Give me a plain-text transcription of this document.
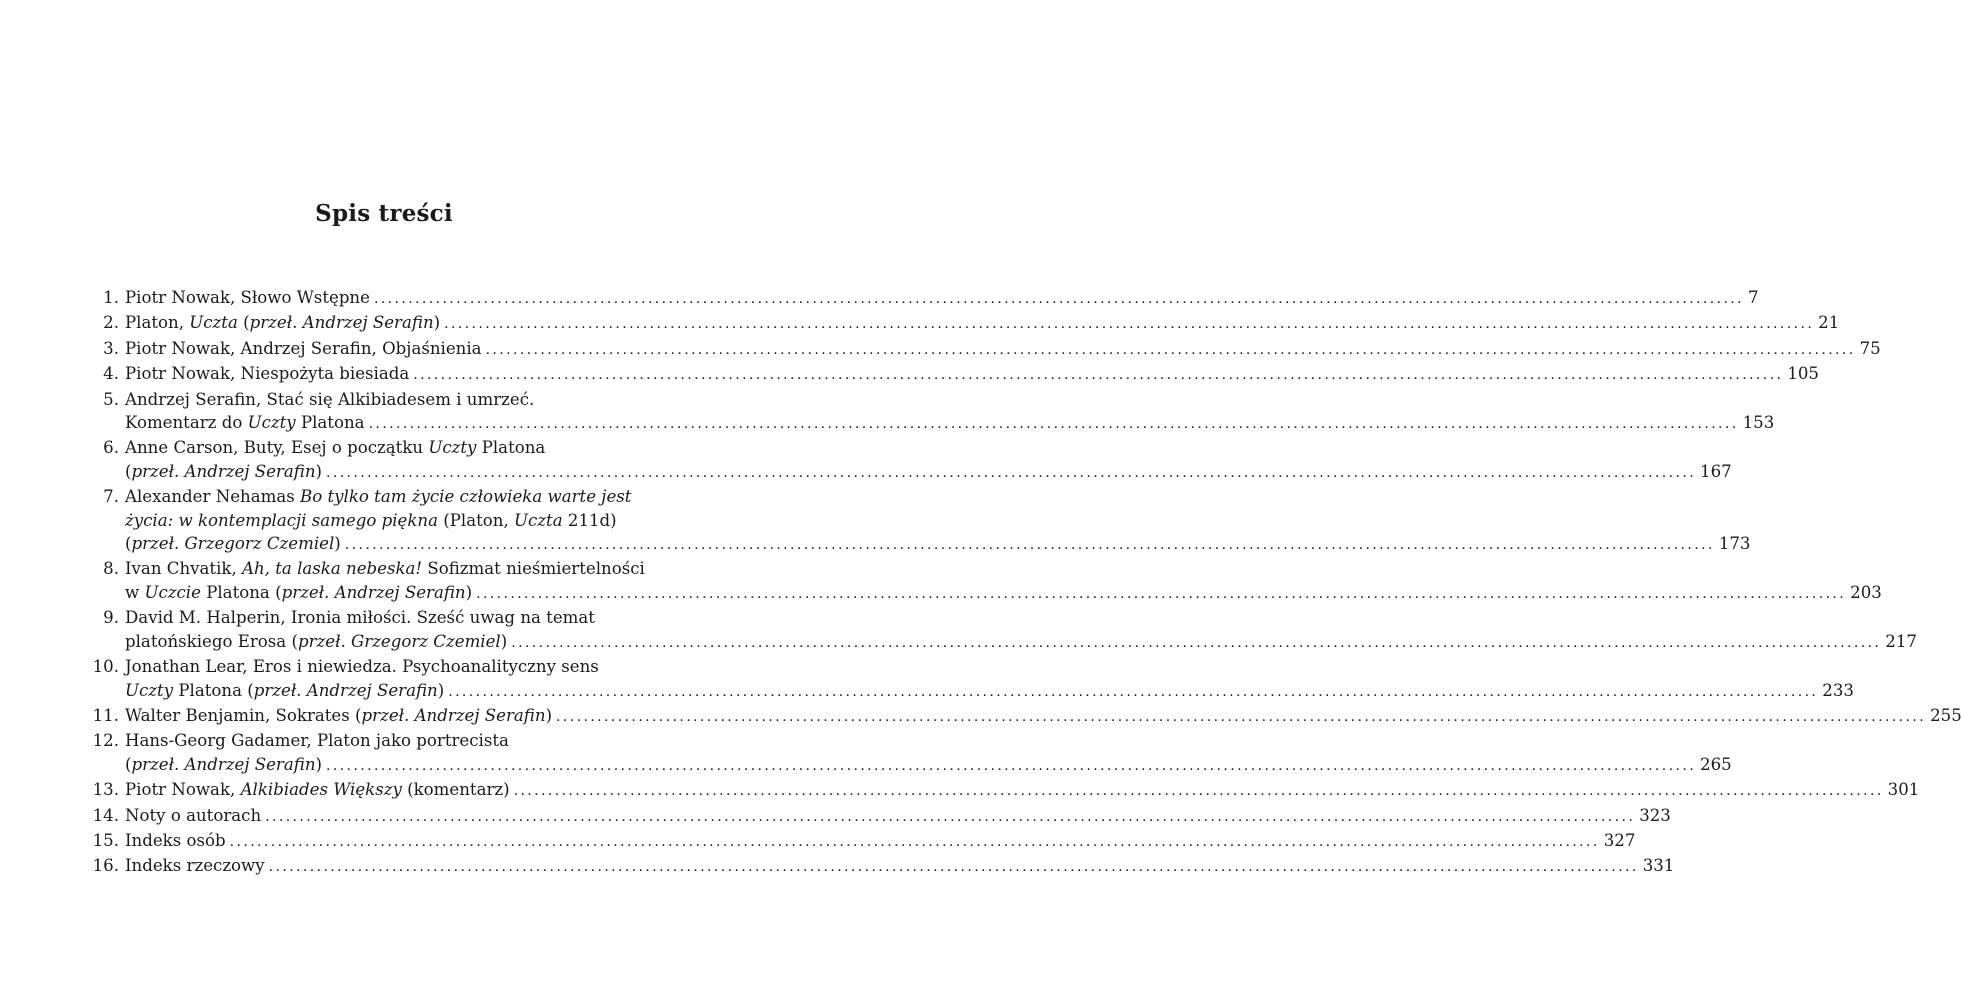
Spis treści
1. Piotr Nowak, Słowo Wstępne ........................................................................................................................................................................................................ 7
2. Platon, Uczta (przeł. Andrzej Serafin) ........................................................................................................................................................................................................ 21
3. Piotr Nowak, Andrzej Serafin, Objaśnienia ........................................................................................................................................................................................................ 75
4. Piotr Nowak, Niespożyta biesiada ........................................................................................................................................................................................................ 105
5. Andrzej Serafin, Stać się Alkibiadesem i umrzeć.
Komentarz do Uczty Platona ........................................................................................................................................................................................................ 153
6. Anne Carson, Buty, Esej o początku Uczty Platona
(przeł. Andrzej Serafin) ........................................................................................................................................................................................................ 167
7. Alexander Nehamas Bo tylko tam życie człowieka warte jest
życia: w kontemplacji samego piękna (Platon, Uczta 211d)
(przeł. Grzegorz Czemiel) ........................................................................................................................................................................................................ 173
8. Ivan Chvatik, Ah, ta laska nebeska! Sofizmat nieśmiertelności
w Uczcie Platona (przeł. Andrzej Serafin) ........................................................................................................................................................................................................ 203
9. David M. Halperin, Ironia miłości. Sześć uwag na temat
platońskiego Erosa (przeł. Grzegorz Czemiel) ........................................................................................................................................................................................................ 217
10. Jonathan Lear, Eros i niewiedza. Psychoanalityczny sens
Uczty Platona (przeł. Andrzej Serafin) ........................................................................................................................................................................................................ 233
11. Walter Benjamin, Sokrates (przeł. Andrzej Serafin) ........................................................................................................................................................................................................ 255
12. Hans-Georg Gadamer, Platon jako portrecista
(przeł. Andrzej Serafin) ........................................................................................................................................................................................................ 265
13. Piotr Nowak, Alkibiades Większy (komentarz) ........................................................................................................................................................................................................ 301
14. Noty o autorach ........................................................................................................................................................................................................ 323
15. Indeks osób ........................................................................................................................................................................................................ 327
16. Indeks rzeczowy ........................................................................................................................................................................................................ 331
